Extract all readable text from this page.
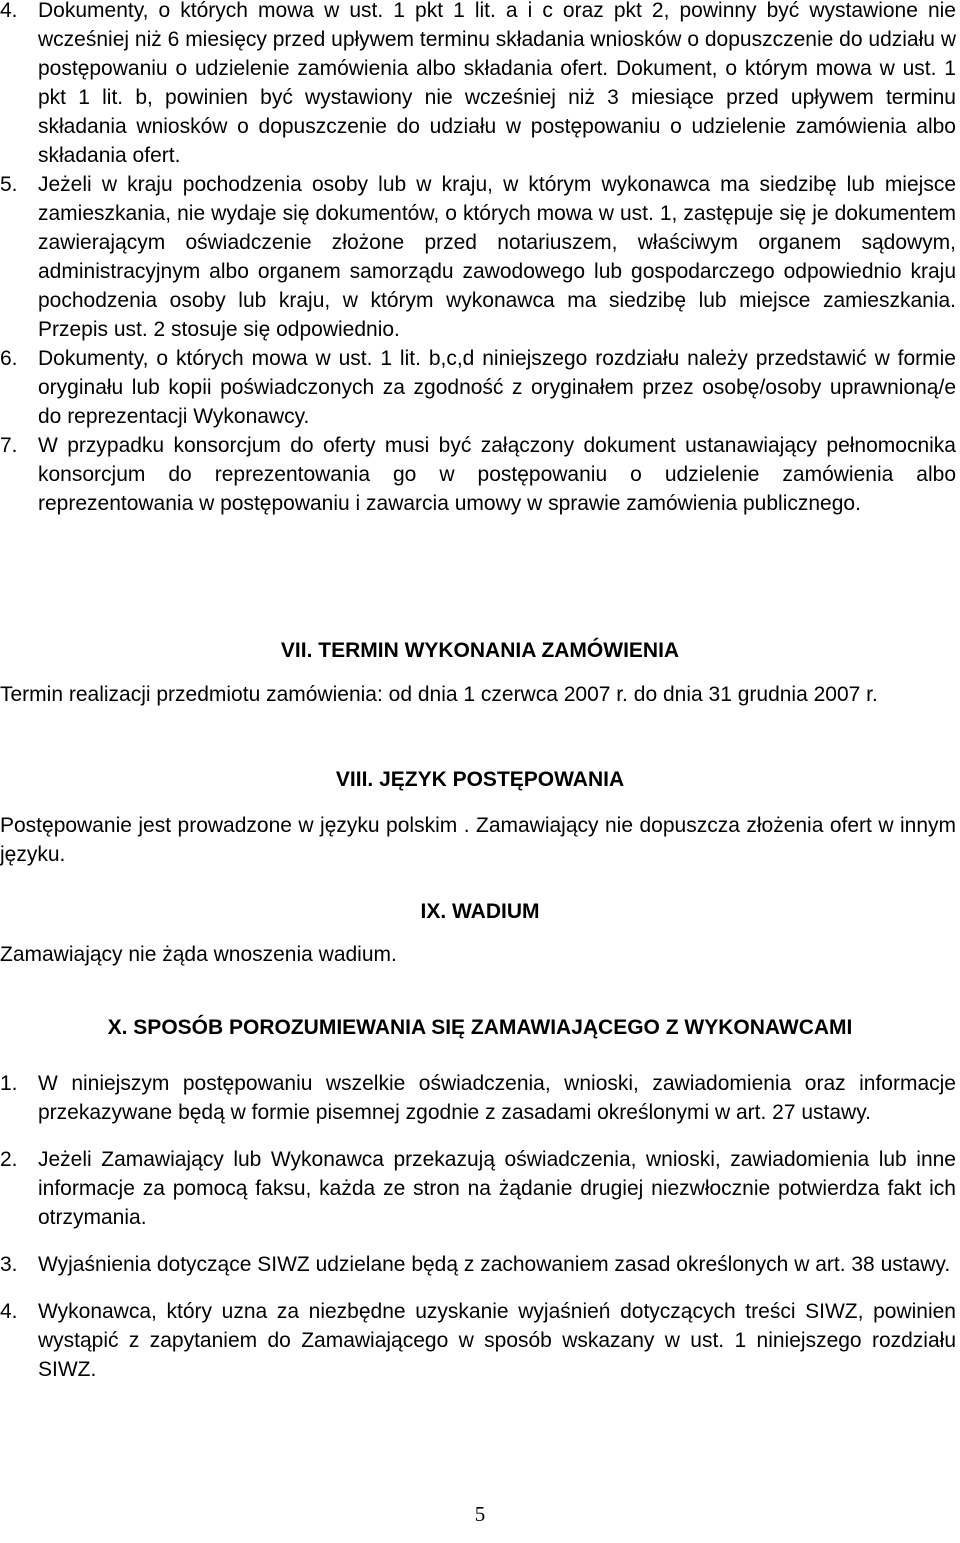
4. Dokumenty, o których mowa w ust. 1 pkt 1 lit. a i c oraz pkt 2, powinny być wystawione nie wcześniej niż 6 miesięcy przed upływem terminu składania wniosków o dopuszczenie do udziału w postępowaniu o udzielenie zamówienia albo składania ofert. Dokument, o którym mowa w ust. 1 pkt 1 lit. b, powinien być wystawiony nie wcześniej niż 3 miesiące przed upływem terminu składania wniosków o dopuszczenie do udziału w postępowaniu o udzielenie zamówienia albo składania ofert.
5. Jeżeli w kraju pochodzenia osoby lub w kraju, w którym wykonawca ma siedzibę lub miejsce zamieszkania, nie wydaje się dokumentów, o których mowa w ust. 1, zastępuje się je dokumentem zawierającym oświadczenie złożone przed notariuszem, właściwym organem sądowym, administracyjnym albo organem samorządu zawodowego lub gospodarczego odpowiednio kraju pochodzenia osoby lub kraju, w którym wykonawca ma siedzibę lub miejsce zamieszkania. Przepis ust. 2 stosuje się odpowiednio.
6. Dokumenty, o których mowa w ust. 1 lit. b,c,d niniejszego rozdziału należy przedstawić w formie oryginału lub kopii poświadczonych za zgodność z oryginałem przez osobę/osoby uprawnioną/e do reprezentacji Wykonawcy.
7. W przypadku konsorcjum do oferty musi być załączony dokument ustanawiający pełnomocnika konsorcjum do reprezentowania go w postępowaniu o udzielenie zamówienia albo reprezentowania w postępowaniu i zawarcia umowy w sprawie zamówienia publicznego.
VII. TERMIN WYKONANIA ZAMÓWIENIA
Termin realizacji przedmiotu zamówienia: od dnia 1 czerwca 2007 r. do dnia 31 grudnia 2007 r.
VIII. JĘZYK POSTĘPOWANIA
Postępowanie jest prowadzone w języku polskim . Zamawiający nie dopuszcza złożenia ofert w innym języku.
IX. WADIUM
Zamawiający nie żąda wnoszenia wadium.
X. SPOSÓB POROZUMIEWANIA SIĘ ZAMAWIAJĄCEGO Z WYKONAWCAMI
1. W niniejszym postępowaniu wszelkie oświadczenia, wnioski, zawiadomienia oraz informacje przekazywane będą w formie pisemnej zgodnie z zasadami określonymi w art. 27 ustawy.
2. Jeżeli Zamawiający lub Wykonawca przekazują oświadczenia, wnioski, zawiadomienia lub inne informacje za pomocą faksu, każda ze stron na żądanie drugiej niezwłocznie potwierdza fakt ich otrzymania.
3. Wyjaśnienia dotyczące SIWZ udzielane będą z zachowaniem zasad określonych w art. 38 ustawy.
4. Wykonawca, który uzna za niezbędne uzyskanie wyjaśnień dotyczących treści SIWZ, powinien wystąpić z zapytaniem do Zamawiającego w sposób wskazany w ust. 1 niniejszego rozdziału SIWZ.
5
